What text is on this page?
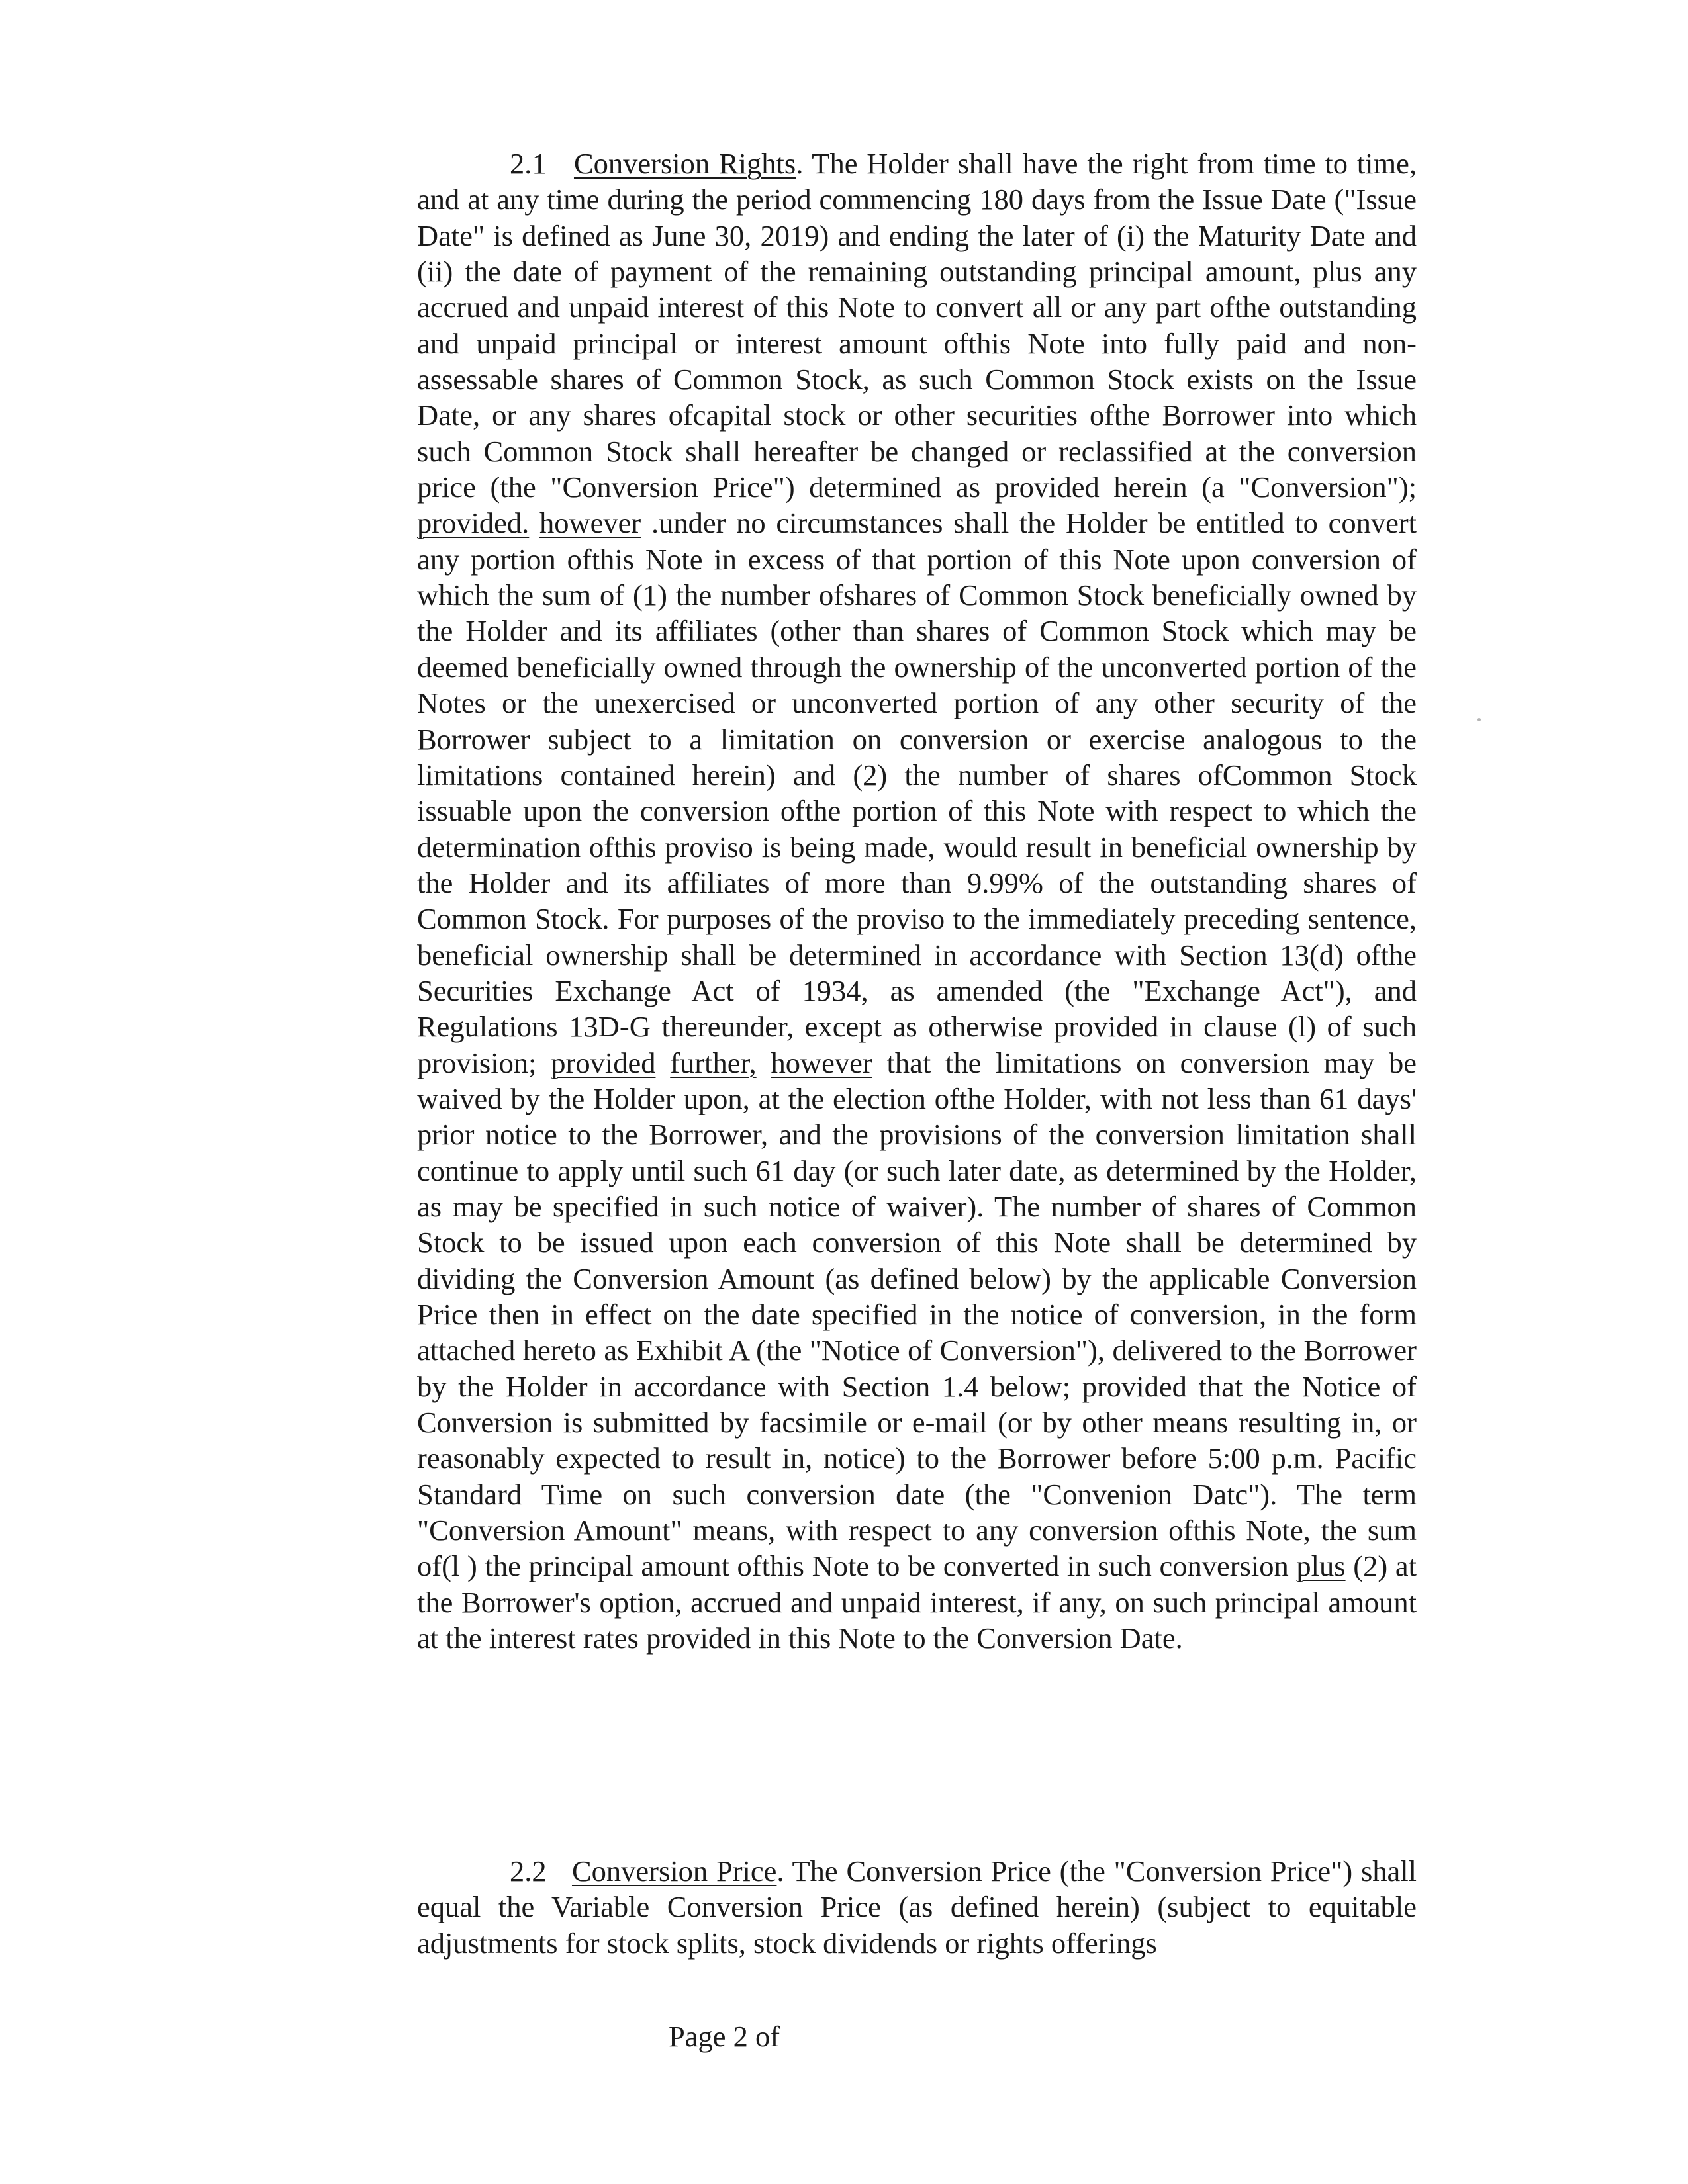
2.1 Conversion Rights. The Holder shall have the right from time to time, and at any time during the period commencing 180 days from the Issue Date ("Issue Date" is defined as June 30, 2019) and ending the later of (i) the Maturity Date and (ii) the date of payment of the remaining outstanding principal amount, plus any accrued and unpaid interest of this Note to convert all or any part ofthe outstanding and unpaid principal or interest amount ofthis Note into fully paid and non-assessable shares of Common Stock, as such Common Stock exists on the Issue Date, or any shares ofcapital stock or other securities ofthe Borrower into which such Common Stock shall hereafter be changed or reclassified at the conversion price (the "Conversion Price") determined as provided herein (a "Conversion"); provided. however .under no circumstances shall the Holder be entitled to convert any portion ofthis Note in excess of that portion of this Note upon conversion of which the sum of (1) the number ofshares of Common Stock beneficially owned by the Holder and its affiliates (other than shares of Common Stock which may be deemed beneficially owned through the ownership of the unconverted portion of the Notes or the unexercised or unconverted portion of any other security of the Borrower subject to a limitation on conversion or exercise analogous to the limitations contained herein) and (2) the number of shares ofCommon Stock issuable upon the conversion ofthe portion of this Note with respect to which the determination ofthis proviso is being made, would result in beneficial ownership by the Holder and its affiliates of more than 9.99% of the outstanding shares of Common Stock. For purposes of the proviso to the immediately preceding sentence, beneficial ownership shall be determined in accordance with Section 13(d) ofthe Securities Exchange Act of 1934, as amended (the "Exchange Act"), and Regulations 13D-G thereunder, except as otherwise provided in clause (l) of such provision; provided further, however that the limitations on conversion may be waived by the Holder upon, at the election ofthe Holder, with not less than 61 days' prior notice to the Borrower, and the provisions of the conversion limitation shall continue to apply until such 61 day (or such later date, as determined by the Holder, as may be specified in such notice of waiver). The number of shares of Common Stock to be issued upon each conversion of this Note shall be determined by dividing the Conversion Amount (as defined below) by the applicable Conversion Price then in effect on the date specified in the notice of conversion, in the form attached hereto as Exhibit A (the "Notice of Conversion"), delivered to the Borrower by the Holder in accordance with Section 1.4 below; provided that the Notice of Conversion is submitted by facsimile or e-mail (or by other means resulting in, or reasonably expected to result in, notice) to the Borrower before 5:00 p.m. Pacific Standard Time on such conversion date (the "Convenion Datc"). The term "Conversion Amount" means, with respect to any conversion ofthis Note, the sum of(l ) the principal amount ofthis Note to be converted in such conversion plus (2) at the Borrower's option, accrued and unpaid interest, if any, on such principal amount at the interest rates provided in this Note to the Conversion Date.

2.2 Conversion Price. The Conversion Price (the "Conversion Price") shall equal the Variable Conversion Price (as defined herein) (subject to equitable adjustments for stock splits, stock dividends or rights offerings

Page 2 of
